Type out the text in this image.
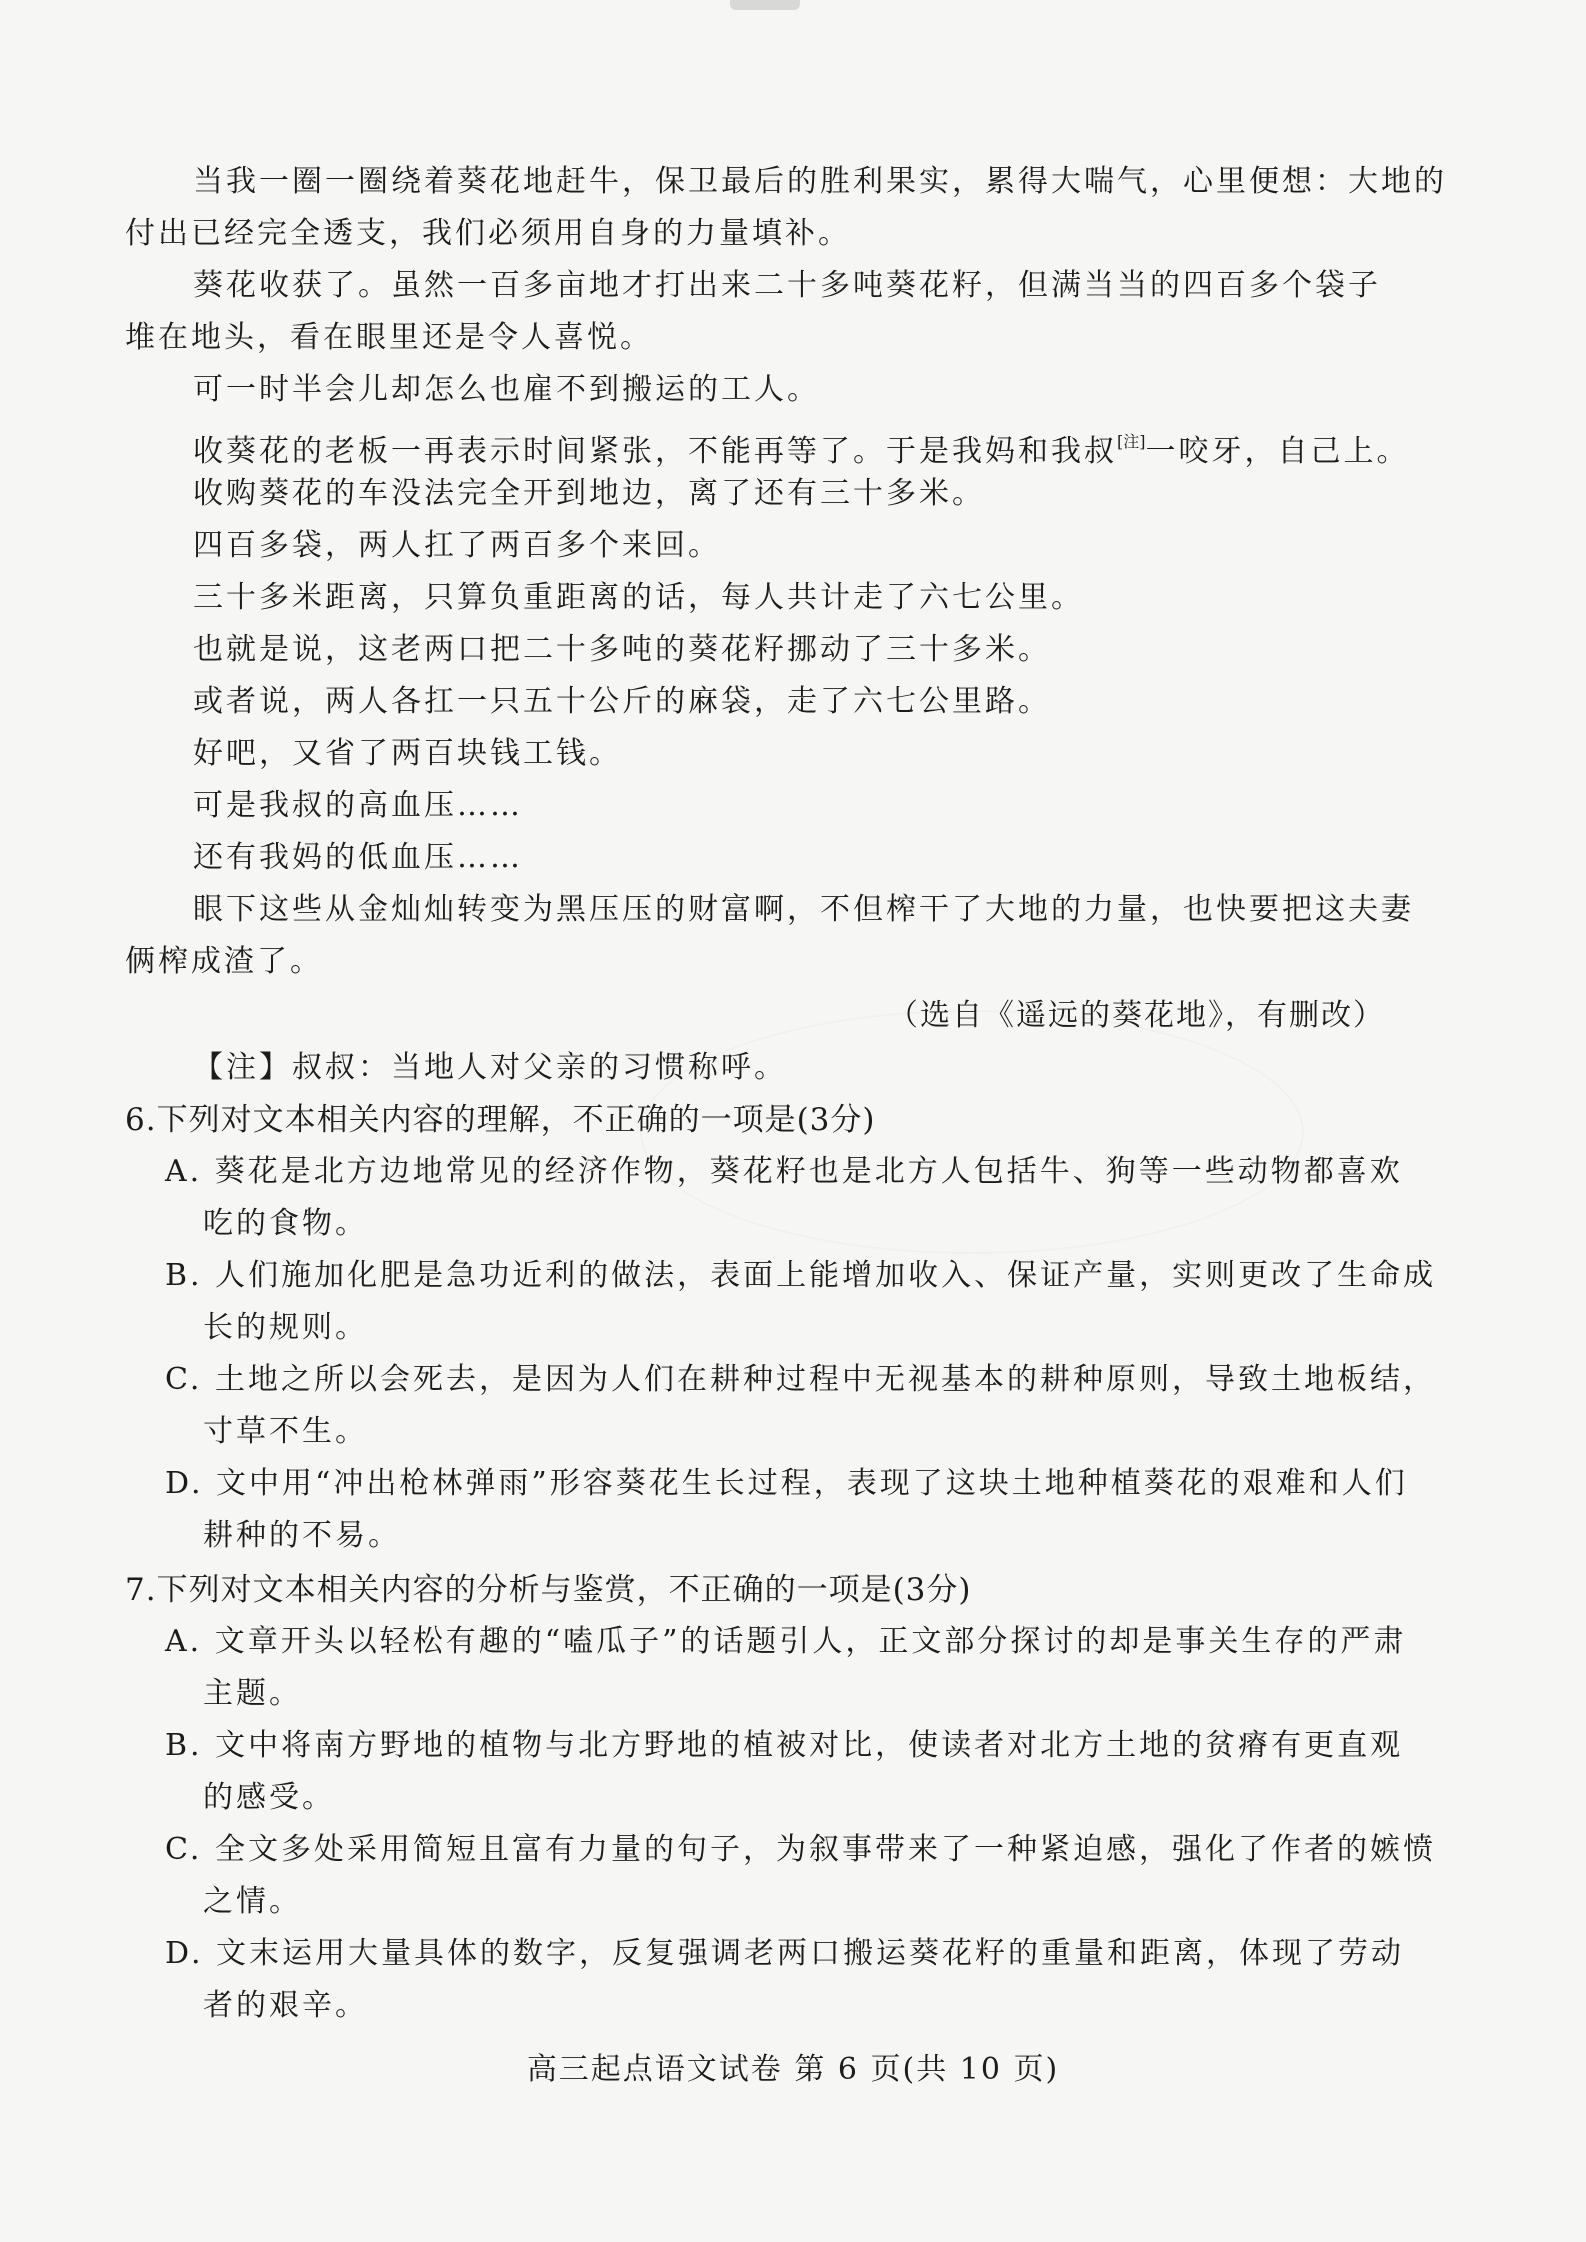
当我一圈一圈绕着葵花地赶牛，保卫最后的胜利果实，累得大喘气，心里便想：大地的
付出已经完全透支，我们必须用自身的力量填补。
葵花收获了。虽然一百多亩地才打出来二十多吨葵花籽，但满当当的四百多个袋子
堆在地头，看在眼里还是令人喜悦。
可一时半会儿却怎么也雇不到搬运的工人。
收葵花的老板一再表示时间紧张，不能再等了。于是我妈和我叔[注]一咬牙，自己上。
收购葵花的车没法完全开到地边，离了还有三十多米。
四百多袋，两人扛了两百多个来回。
三十多米距离，只算负重距离的话，每人共计走了六七公里。
也就是说，这老两口把二十多吨的葵花籽挪动了三十多米。
或者说，两人各扛一只五十公斤的麻袋，走了六七公里路。
好吧，又省了两百块钱工钱。
可是我叔的高血压……
还有我妈的低血压……
眼下这些从金灿灿转变为黑压压的财富啊，不但榨干了大地的力量，也快要把这夫妻
俩榨成渣了。
（选自《遥远的葵花地》，有删改）
【注】叔叔：当地人对父亲的习惯称呼。
6.下列对文本相关内容的理解，不正确的一项是(3分)
A. 葵花是北方边地常见的经济作物，葵花籽也是北方人包括牛、狗等一些动物都喜欢
吃的食物。
B. 人们施加化肥是急功近利的做法，表面上能增加收入、保证产量，实则更改了生命成
长的规则。
C. 土地之所以会死去，是因为人们在耕种过程中无视基本的耕种原则，导致土地板结，
寸草不生。
D. 文中用“冲出枪林弹雨”形容葵花生长过程，表现了这块土地种植葵花的艰难和人们
耕种的不易。
7.下列对文本相关内容的分析与鉴赏，不正确的一项是(3分)
A. 文章开头以轻松有趣的“嗑瓜子”的话题引人，正文部分探讨的却是事关生存的严肃
主题。
B. 文中将南方野地的植物与北方野地的植被对比，使读者对北方土地的贫瘠有更直观
的感受。
C. 全文多处采用简短且富有力量的句子，为叙事带来了一种紧迫感，强化了作者的嫉愤
之情。
D. 文末运用大量具体的数字，反复强调老两口搬运葵花籽的重量和距离，体现了劳动
者的艰辛。
高三起点语文试卷 第 6 页(共 10 页)
